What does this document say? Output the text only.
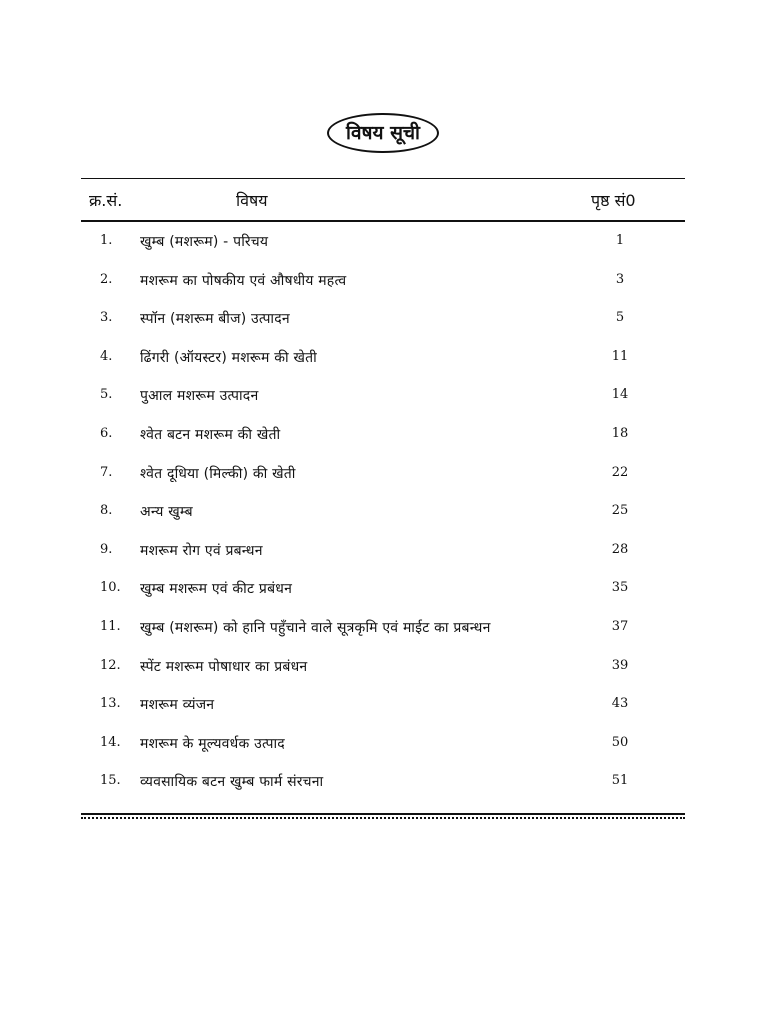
विषय सूची
क्र.सं.	विषय	पृष्ठ सं0
1. खुम्ब (मशरूम) - परिचय	1
2. मशरूम का पोषकीय एवं औषधीय महत्व	3
3. स्पॉन (मशरूम बीज) उत्पादन	5
4. ढिंगरी (ऑयस्टर) मशरूम की खेती	11
5. पुआल मशरूम उत्पादन	14
6. श्वेत बटन मशरूम की खेती	18
7. श्वेत दूधिया (मिल्की) की खेती	22
8. अन्य खुम्ब	25
9. मशरूम रोग एवं प्रबन्धन	28
10. खुम्ब मशरूम एवं कीट प्रबंधन	35
11. खुम्ब (मशरूम) को हानि पहुँचाने वाले सूत्रकृमि एवं माईट का प्रबन्धन	37
12. स्पेंट मशरूम पोषाधार का प्रबंधन	39
13. मशरूम व्यंजन	43
14. मशरूम के मूल्यवर्धक उत्पाद	50
15. व्यवसायिक बटन खुम्ब फार्म संरचना	51
